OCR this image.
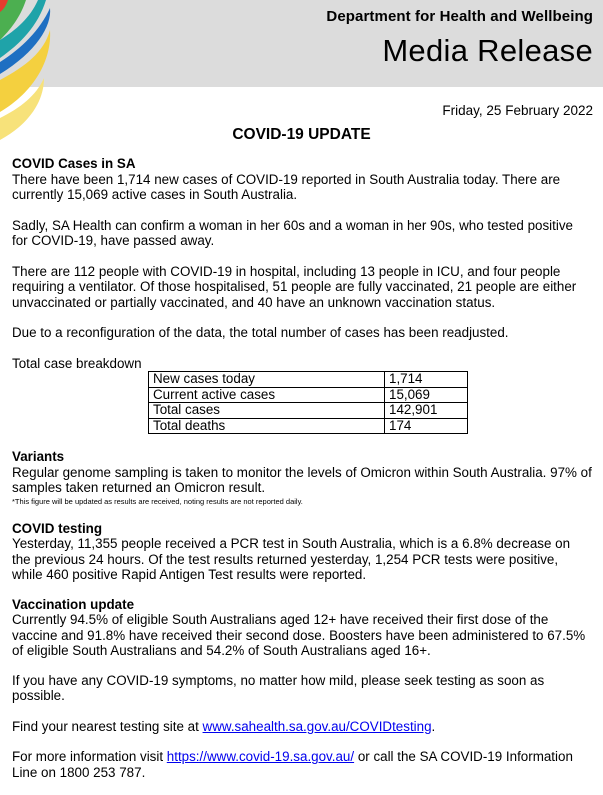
Department for Health and Wellbeing
Media Release
Friday, 25 February 2022
COVID-19 UPDATE
COVID Cases in SA

There have been 1,714 new cases of COVID-19 reported in South Australia today. There are currently 15,069 active cases in South Australia.

Sadly, SA Health can confirm a woman in her 60s and a woman in her 90s, who tested positive for COVID-19, have passed away.

There are 112 people with COVID-19 in hospital, including 13 people in ICU, and four people requiring a ventilator. Of those hospitalised, 51 people are fully vaccinated, 21 people are either unvaccinated or partially vaccinated, and 40 have an unknown vaccination status.

Due to a reconfiguration of the data, the total number of cases has been readjusted.

Total case breakdown
New cases today	1,714
Current active cases	15,069
Total cases	142,901
Total deaths	174
Variants
Regular genome sampling is taken to monitor the levels of Omicron within South Australia. 97% of samples taken returned an Omicron result.
*This figure will be updated as results are received, noting results are not reported daily.
COVID testing
Yesterday, 11,355 people received a PCR test in South Australia, which is a 6.8% decrease on the previous 24 hours. Of the test results returned yesterday, 1,254 PCR tests were positive, while 460 positive Rapid Antigen Test results were reported.
Vaccination update
Currently 94.5% of eligible South Australians aged 12+ have received their first dose of the vaccine and 91.8% have received their second dose. Boosters have been administered to 67.5% of eligible South Australians and 54.2% of South Australians aged 16+.

If you have any COVID-19 symptoms, no matter how mild, please seek testing as soon as possible.

Find your nearest testing site at www.sahealth.sa.gov.au/COVIDtesting.

For more information visit https://www.covid-19.sa.gov.au/ or call the SA COVID-19 Information Line on 1800 253 787.
